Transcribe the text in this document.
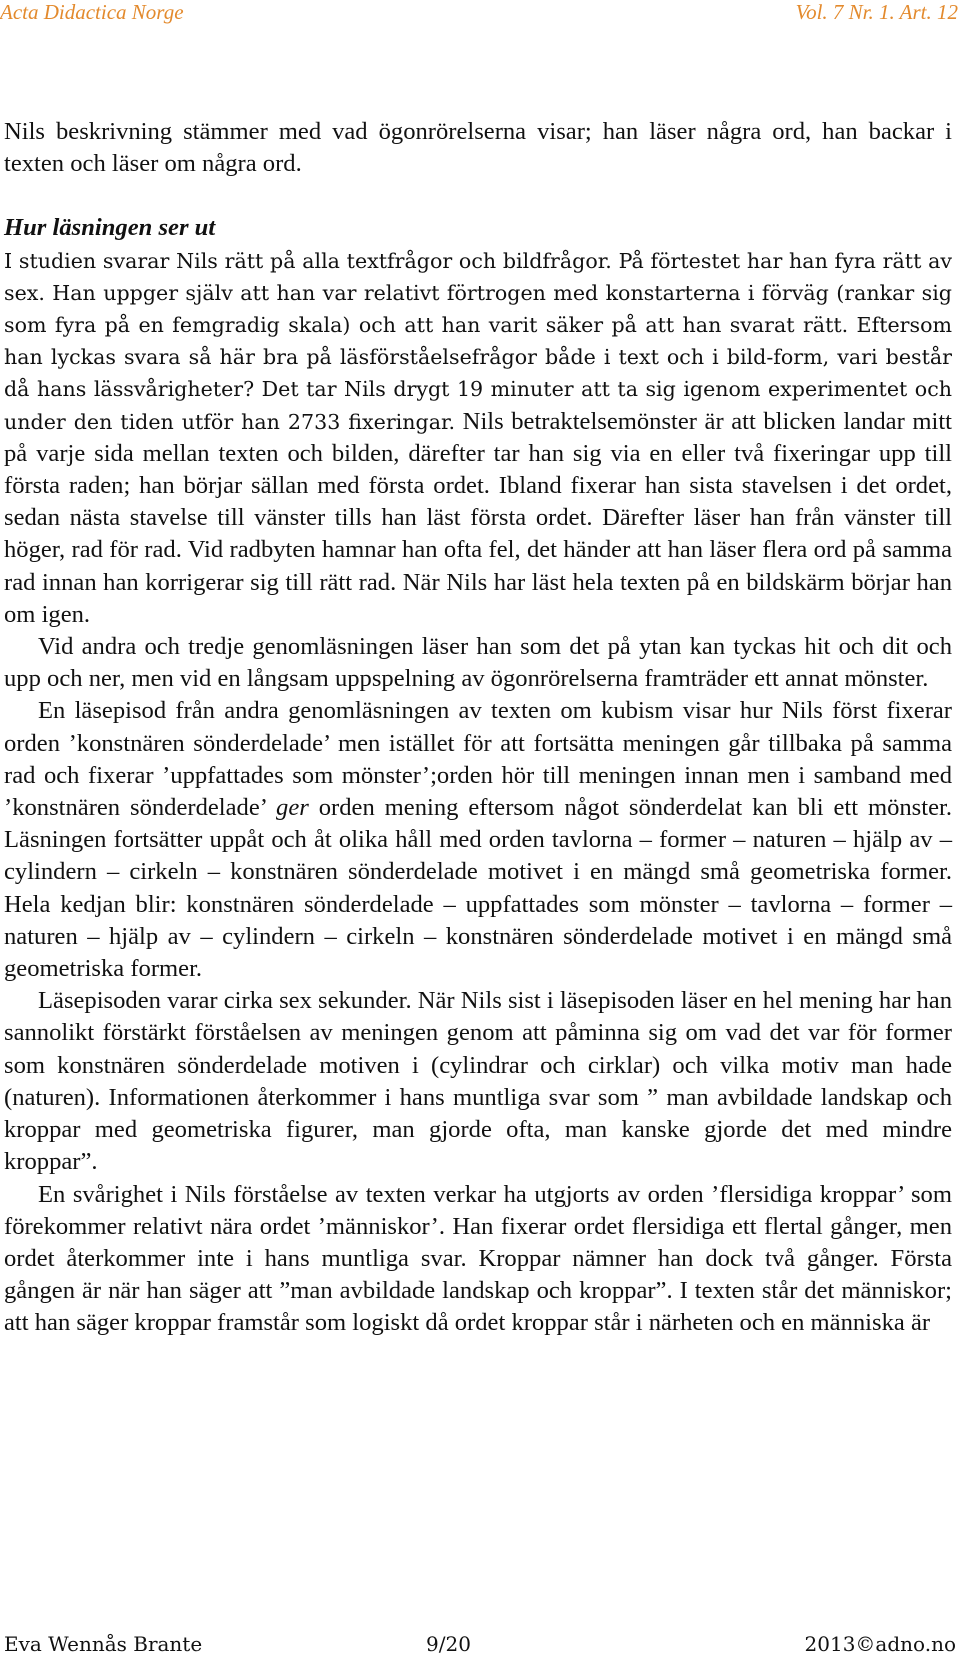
Acta Didactica Norge	Vol. 7 Nr. 1. Art. 12

Nils beskrivning stämmer med vad ögonrörelserna visar; han läser några ord, han backar i texten och läser om några ord.

Hur läsningen ser ut

I studien svarar Nils rätt på alla textfrågor och bildfrågor. På förtestet har han fyra rätt av sex. Han uppger själv att han var relativt förtrogen med konstarterna i förväg (rankar sig som fyra på en femgradig skala) och att han varit säker på att han svarat rätt. Eftersom han lyckas svara så här bra på läsförståelsefrågor både i text och i bild-form, vari består då hans lässvårigheter? Det tar Nils drygt 19 minuter att ta sig igenom experimentet och under den tiden utför han 2733 fixeringar. Nils betraktelsemönster är att blicken landar mitt på varje sida mellan texten och bilden, därefter tar han sig via en eller två fixeringar upp till första raden; han börjar sällan med första ordet. Ibland fixerar han sista stavelsen i det ordet, sedan nästa stavelse till vänster tills han läst första ordet. Därefter läser han från vänster till höger, rad för rad. Vid radbyten hamnar han ofta fel, det händer att han läser flera ord på samma rad innan han korrigerar sig till rätt rad. När Nils har läst hela texten på en bildskärm börjar han om igen.

Vid andra och tredje genomläsningen läser han som det på ytan kan tyckas hit och dit och upp och ner, men vid en långsam uppspelning av ögonrörelserna framträder ett annat mönster.

En läsepisod från andra genomläsningen av texten om kubism visar hur Nils först fixerar orden ’konstnären sönderdelade’ men istället för att fortsätta meningen går tillbaka på samma rad och fixerar ’uppfattades som mönster’;orden hör till meningen innan men i samband med ’konstnären sönderdelade’ ger orden mening eftersom något sönderdelat kan bli ett mönster. Läsningen fortsätter uppåt och åt olika håll med orden tavlorna – former – naturen – hjälp av – cylindern – cirkeln – konstnären sönderdelade motivet i en mängd små geometriska former. Hela kedjan blir: konstnären sönderdelade – uppfattades som mönster – tavlorna – former – naturen – hjälp av – cylindern – cirkeln – konstnären sönderdelade motivet i en mängd små geometriska former.

Läsepisoden varar cirka sex sekunder. När Nils sist i läsepisoden läser en hel mening har han sannolikt förstärkt förståelsen av meningen genom att påminna sig om vad det var för former som konstnären sönderdelade motiven i (cylindrar och cirklar) och vilka motiv man hade (naturen). Informationen återkommer i hans muntliga svar som ” man avbildade landskap och kroppar med geometriska figurer, man gjorde ofta, man kanske gjorde det med mindre kroppar”.

En svårighet i Nils förståelse av texten verkar ha utgjorts av orden ’flersidiga kroppar’ som förekommer relativt nära ordet ’människor’. Han fixerar ordet flersidiga ett flertal gånger, men ordet återkommer inte i hans muntliga svar. Kroppar nämner han dock två gånger. Första gången är när han säger att ”man avbildade landskap och kroppar”. I texten står det människor; att han säger kroppar framstår som logiskt då ordet kroppar står i närheten och en människa är

Eva Wennås Brante	9/20	2013©adno.no
